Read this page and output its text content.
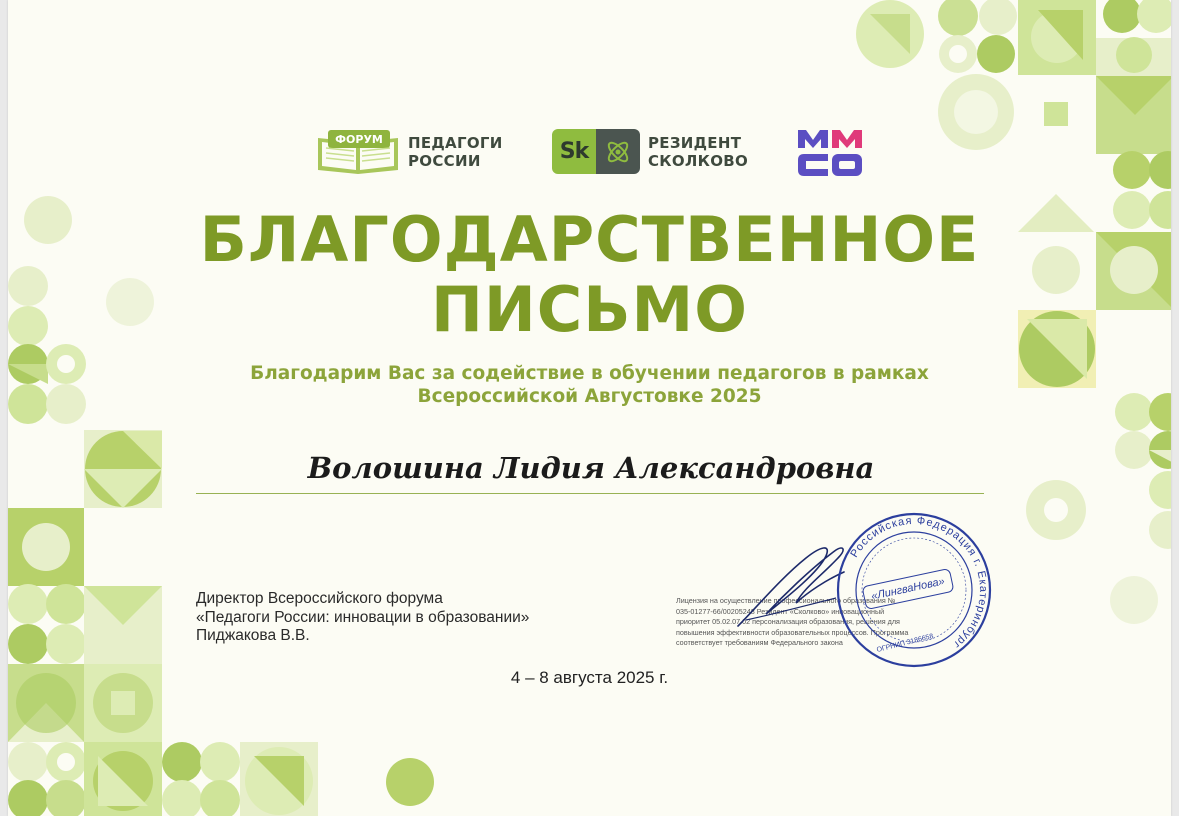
ФОРУМ ПЕДАГОГИ
РОССИИ	Sk	РЕЗИДЕНТ
СКОЛКОВО
БЛАГОДАРСТВЕННОЕ
ПИСЬМО
Благодарим Вас за содействие в обучении педагогов в рамках
Всероссийской Августовке 2025
Волошина Лидия Александровна
Директор Всероссийского форума
«Педагоги России: инновации в образовании»
Пиджакова В.В.
Лицензия на осуществление профессионального образования №
035-01277-66/00205248 Резидент «Сколково» инновационный
приоритет 05.02.07.02 персонализация образования, решения для
повышения эффективности образовательных процессов. Программа
соответствует требованиям Федерального закона
Российская Федерация г. Екатеринбург
«ЛингваНова»
ОГРНИП 3186658
4 – 8 августа 2025 г.
